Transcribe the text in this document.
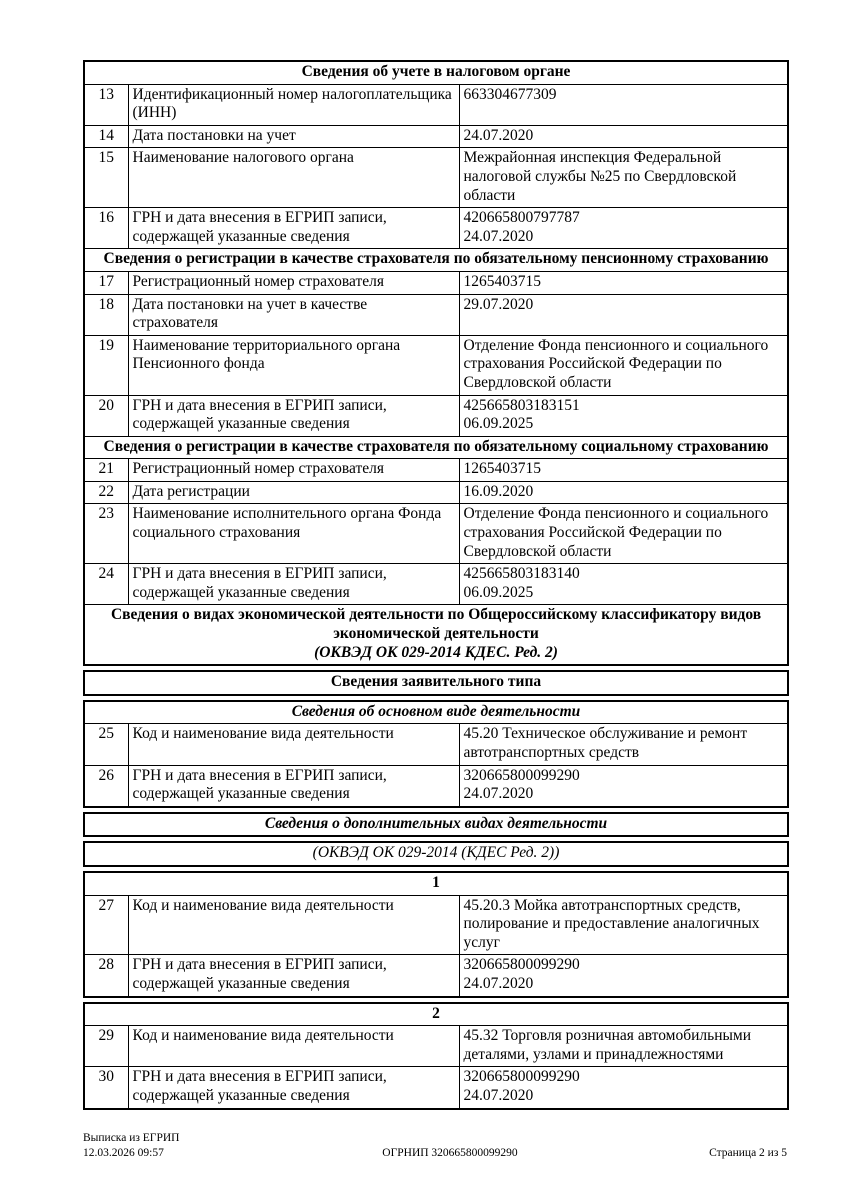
Сведения об учете в налоговом органе		

13	Идентификационный номер налогоплательщика (ИНН)	663304677309

14	Дата постановки на учет	24.07.2020

15	Наименование налогового органа	Межрайонная инспекция Федеральной налоговой службы №25 по Свердловской области

16	ГРН и дата внесения в ЕГРИП записи, содержащей указанные сведения	420665800797787
24.07.2020

Сведения о регистрации в качестве страхователя по обязательному пенсионному страхованию		

17	Регистрационный номер страхователя	1265403715

18	Дата постановки на учет в качестве страхователя	29.07.2020

19	Наименование территориального органа Пенсионного фонда	Отделение Фонда пенсионного и социального страхования Российской Федерации по Свердловской области

20	ГРН и дата внесения в ЕГРИП записи, содержащей указанные сведения	425665803183151
06.09.2025

Сведения о регистрации в качестве страхователя по обязательному социальному страхованию		

21	Регистрационный номер страхователя	1265403715

22	Дата регистрации	16.09.2020

23	Наименование исполнительного органа Фонда социального страхования	Отделение Фонда пенсионного и социального страхования Российской Федерации по Свердловской области

24	ГРН и дата внесения в ЕГРИП записи, содержащей указанные сведения	425665803183140
06.09.2025

Сведения о видах экономической деятельности по Общероссийскому классификатору видов экономической деятельности
(ОКВЭД ОК 029-2014 КДЕС. Ред. 2)		
Сведения заявительного типа
Сведения об основном виде деятельности		

25	Код и наименование вида деятельности	45.20 Техническое обслуживание и ремонт автотранспортных средств

26	ГРН и дата внесения в ЕГРИП записи, содержащей указанные сведения	320665800099290
24.07.2020
Сведения о дополнительных видах деятельности
(ОКВЭД ОК 029-2014 (КДЕС Ред. 2))
1		

27	Код и наименование вида деятельности	45.20.3 Мойка автотранспортных средств, полирование и предоставление аналогичных услуг

28	ГРН и дата внесения в ЕГРИП записи, содержащей указанные сведения	320665800099290
24.07.2020
2		

29	Код и наименование вида деятельности	45.32 Торговля розничная автомобильными деталями, узлами и принадлежностями

30	ГРН и дата внесения в ЕГРИП записи, содержащей указанные сведения	320665800099290
24.07.2020
Выписка из ЕГРИП
12.03.2026 09:57	ОГРНИП 320665800099290	Страница 2 из 5
